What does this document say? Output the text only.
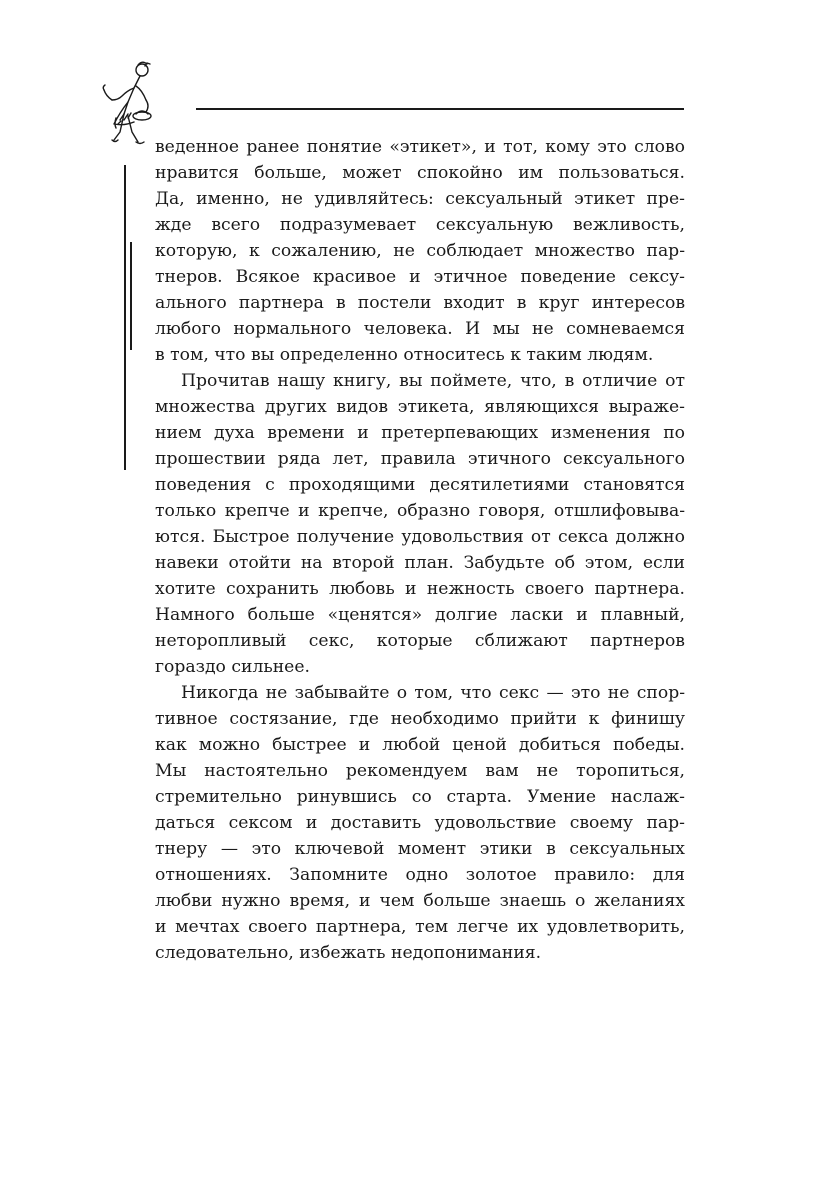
веденное ранее понятие «этикет», и тот, кому это слово
нравится больше, может спокойно им пользоваться.
Да, именно, не удивляйтесь: сексуальный этикет пре-
жде всего подразумевает сексуальную вежливость,
которую, к сожалению, не соблюдает множество пар-
тнеров. Всякое красивое и этичное поведение сексу-
ального партнера в постели входит в круг интересов
любого нормального человека. И мы не сомневаемся
в том, что вы определенно относитесь к таким людям.
Прочитав нашу книгу, вы поймете, что, в отличие от
множества других видов этикета, являющихся выраже-
нием духа времени и претерпевающих изменения по
прошествии ряда лет, правила этичного сексуального
поведения с проходящими десятилетиями становятся
только крепче и крепче, образно говоря, отшлифовыва-
ются. Быстрое получение удовольствия от секса должно
навеки отойти на второй план. Забудьте об этом, если
хотите сохранить любовь и нежность своего партнера.
Намного больше «ценятся» долгие ласки и плавный,
неторопливый секс, которые сближают партнеров
гораздо сильнее.
Никогда не забывайте о том, что секс — это не спор-
тивное состязание, где необходимо прийти к финишу
как можно быстрее и любой ценой добиться победы.
Мы настоятельно рекомендуем вам не торопиться,
стремительно ринувшись со старта. Умение наслаж-
даться сексом и доставить удовольствие своему пар-
тнеру — это ключевой момент этики в сексуальных
отношениях. Запомните одно золотое правило: для
любви нужно время, и чем больше знаешь о желаниях
и мечтах своего партнера, тем легче их удовлетворить,
следовательно, избежать недопонимания.
